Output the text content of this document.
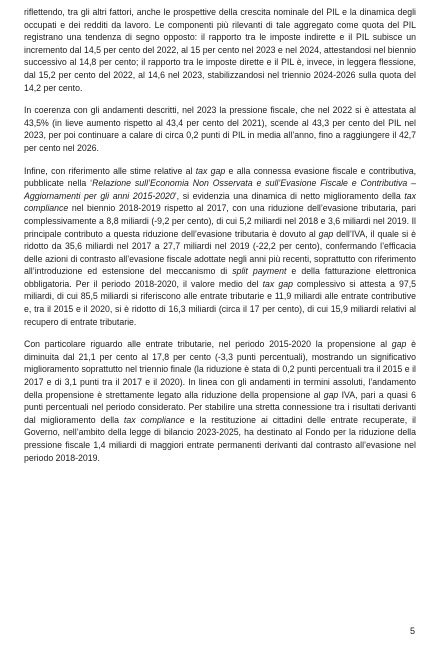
riflettendo, tra gli altri fattori, anche le prospettive della crescita nominale del PIL e la dinamica degli occupati e dei redditi da lavoro. Le componenti più rilevanti di tale aggregato come quota del PIL registrano una tendenza di segno opposto: il rapporto tra le imposte indirette e il PIL subisce un incremento dal 14,5 per cento del 2022, al 15 per cento nel 2023 e nel 2024, attestandosi nel biennio successivo al 14,8 per cento; il rapporto tra le imposte dirette e il PIL è, invece, in leggera flessione, dal 15,2 per cento del 2022, al 14,6 nel 2023, stabilizzandosi nel triennio 2024-2026 sulla quota del 14,2 per cento.

In coerenza con gli andamenti descritti, nel 2023 la pressione fiscale, che nel 2022 si è attestata al 43,5% (in lieve aumento rispetto al 43,4 per cento del 2021), scende al 43,3 per cento del PIL nel 2023, per poi continuare a calare di circa 0,2 punti di PIL in media all’anno, fino a raggiungere il 42,7 per cento nel 2026.

Infine, con riferimento alle stime relative al tax gap e alla connessa evasione fiscale e contributiva, pubblicate nella ‘Relazione sull’Economia Non Osservata e sull’Evasione Fiscale e Contributiva – Aggiornamenti per gli anni 2015-2020’, si evidenzia una dinamica di netto miglioramento della tax compliance nel biennio 2018-2019 rispetto al 2017, con una riduzione dell’evasione tributaria, pari complessivamente a 8,8 miliardi (-9,2 per cento), di cui 5,2 miliardi nel 2018 e 3,6 miliardi nel 2019. Il principale contributo a questa riduzione dell’evasione tributaria è dovuto al gap dell’IVA, il quale si è ridotto da 35,6 miliardi nel 2017 a 27,7 miliardi nel 2019 (-22,2 per cento), confermando l’efficacia delle azioni di contrasto all’evasione fiscale adottate negli anni più recenti, soprattutto con riferimento all’introduzione ed estensione del meccanismo di split payment e della fatturazione elettronica obbligatoria. Per il periodo 2018-2020, il valore medio del tax gap complessivo si attesta a 97,5 miliardi, di cui 85,5 miliardi si riferiscono alle entrate tributarie e 11,9 miliardi alle entrate contributive e, tra il 2015 e il 2020, si è ridotto di 16,3 miliardi (circa il 17 per cento), di cui 15,9 miliardi relativi al recupero di entrate tributarie.

Con particolare riguardo alle entrate tributarie, nel periodo 2015-2020 la propensione al gap è diminuita dal 21,1 per cento al 17,8 per cento (-3,3 punti percentuali), mostrando un significativo miglioramento soprattutto nel triennio finale (la riduzione è stata di 0,2 punti percentuali tra il 2015 e il 2017 e di 3,1 punti tra il 2017 e il 2020). In linea con gli andamenti in termini assoluti, l’andamento della propensione è strettamente legato alla riduzione della propensione al gap IVA, pari a quasi 6 punti percentuali nel periodo considerato. Per stabilire una stretta connessione tra i risultati derivanti dal miglioramento della tax compliance e la restituzione ai cittadini delle entrate recuperate, il Governo, nell’ambito della legge di bilancio 2023-2025, ha destinato al Fondo per la riduzione della pressione fiscale 1,4 miliardi di maggiori entrate permanenti derivanti dal contrasto all’evasione nel periodo 2018-2019.

5
